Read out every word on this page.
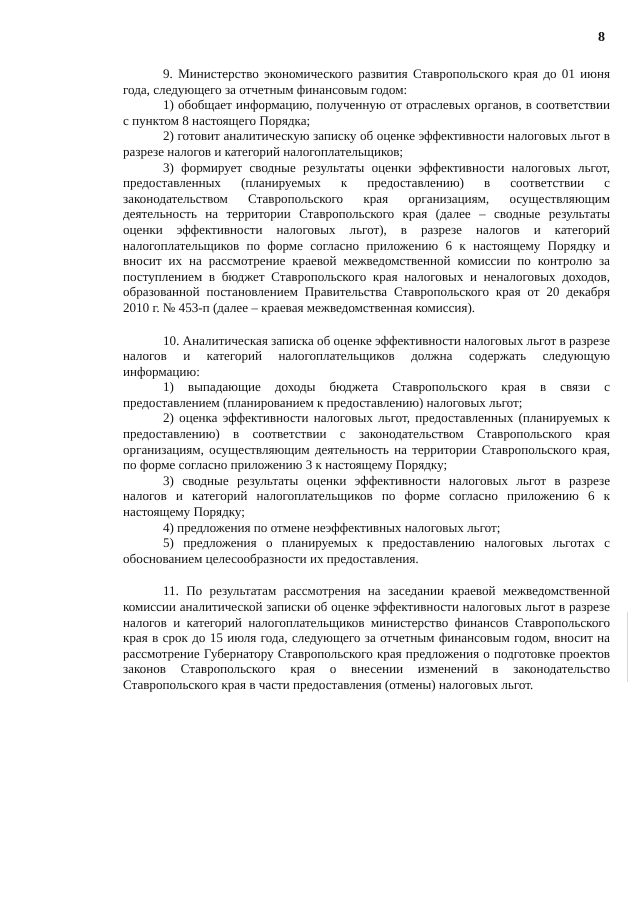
8

9. Министерство экономического развития Ставропольского края до 01 июня года, следующего за отчетным финансовым годом:

1) обобщает информацию, полученную от отраслевых органов, в соответствии с пунктом 8 настоящего Порядка;

2) готовит аналитическую записку об оценке эффективности налоговых льгот в разрезе налогов и категорий налогоплательщиков;

3) формирует сводные результаты оценки эффективности налоговых льгот, предоставленных (планируемых к предоставлению) в соответствии с законодательством Ставропольского края организациям, осуществляющим деятельность на территории Ставропольского края (далее – сводные результаты оценки эффективности налоговых льгот), в разрезе налогов и категорий налогоплательщиков по форме согласно приложению 6 к настоящему Порядку и вносит их на рассмотрение краевой межведомственной комиссии по контролю за поступлением в бюджет Ставропольского края налоговых и неналоговых доходов, образованной постановлением Правительства Ставропольского края от 20 декабря 2010 г. № 453-п (далее – краевая межведомственная комиссия).

10. Аналитическая записка об оценке эффективности налоговых льгот в разрезе налогов и категорий налогоплательщиков должна содержать следующую информацию:

1) выпадающие доходы бюджета Ставропольского края в связи с предоставлением (планированием к предоставлению) налоговых льгот;

2) оценка эффективности налоговых льгот, предоставленных (планируемых к предоставлению) в соответствии с законодательством Ставропольского края организациям, осуществляющим деятельность на территории Ставропольского края, по форме согласно приложению 3 к настоящему Порядку;

3) сводные результаты оценки эффективности налоговых льгот в разрезе налогов и категорий налогоплательщиков по форме согласно приложению 6 к настоящему Порядку;

4) предложения по отмене неэффективных налоговых льгот;

5) предложения о планируемых к предоставлению налоговых льготах с обоснованием целесообразности их предоставления.

11. По результатам рассмотрения на заседании краевой межведомственной комиссии аналитической записки об оценке эффективности налоговых льгот в разрезе налогов и категорий налогоплательщиков министерство финансов Ставропольского края в срок до 15 июля года, следующего за отчетным финансовым годом, вносит на рассмотрение Губернатору Ставропольского края предложения о подготовке проектов законов Ставропольского края о внесении изменений в законодательство Ставропольского края в части предоставления (отмены) налоговых льгот.
